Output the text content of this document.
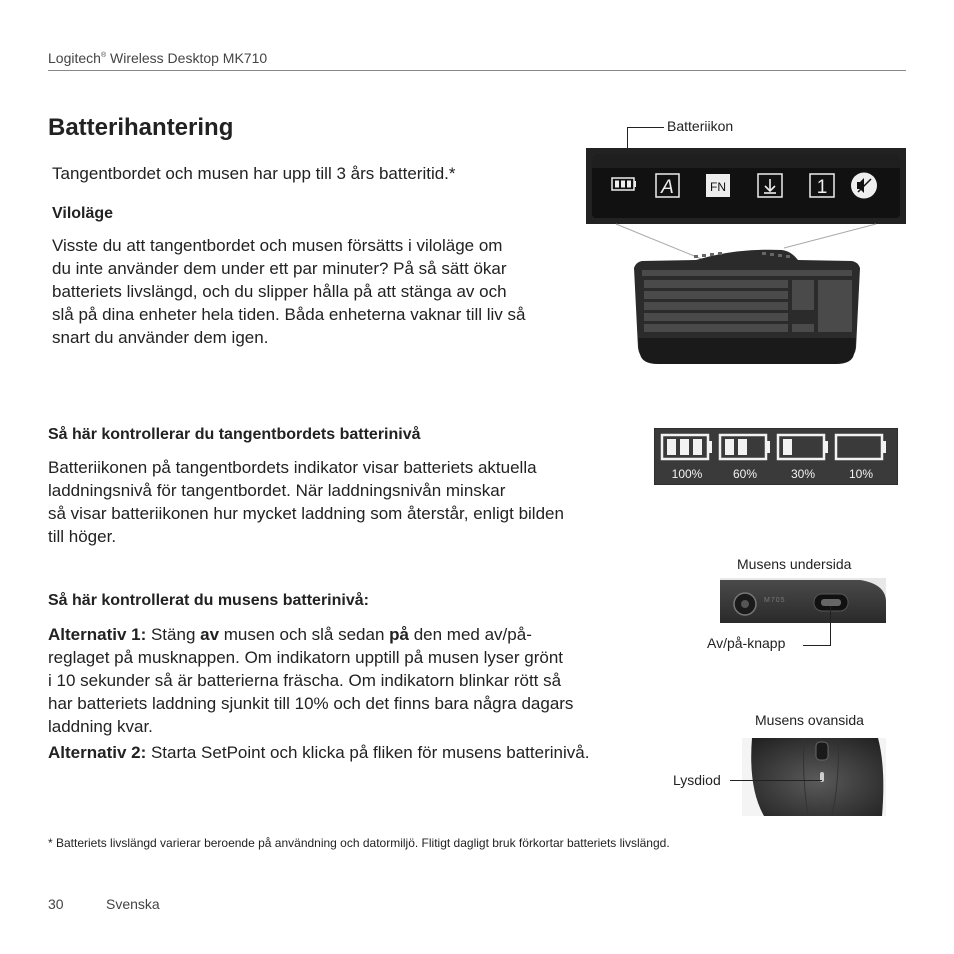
Logitech® Wireless Desktop MK710
Batterihantering
Tangentbordet och musen har upp till 3 års batteritid.*
Viloläge
Visste du att tangentbordet och musen försätts i viloläge om
du inte använder dem under ett par minuter? På så sätt ökar
batteriets livslängd, och du slipper hålla på att stänga av och
slå på dina enheter hela tiden. Båda enheterna vaknar till liv så
snart du använder dem igen.
Batteriikon
A	FN	1
Så här kontrollerar du tangentbordets batterinivå
Batteriikonen på tangentbordets indikator visar batteriets aktuella
laddningsnivå för tangentbordet. När laddningsnivån minskar
så visar batteriikonen hur mycket laddning som återstår, enligt bilden
till höger.
100%	60%	30%	10%
Så här kontrollerat du musens batterinivå:
Alternativ 1: Stäng av musen och slå sedan på den med av/på-
reglaget på musknappen. Om indikatorn upptill på musen lyser grönt
i 10 sekunder så är batterierna fräscha. Om indikatorn blinkar rött så
har batteriets laddning sjunkit till 10% och det finns bara några dagars
laddning kvar.
Alternativ 2: Starta SetPoint och klicka på fliken för musens batterinivå.
Musens undersida
M705
Av/på-knapp
Musens ovansida
Lysdiod
* Batteriets livslängd varierar beroende på användning och datormiljö. Flitigt dagligt bruk förkortar batteriets livslängd.
30	Svenska
